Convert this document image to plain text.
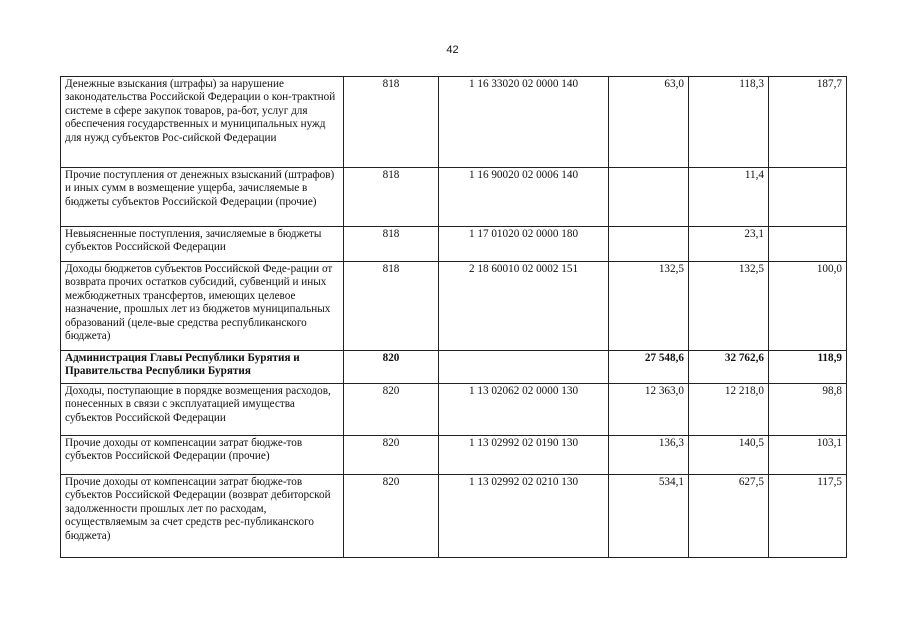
42
Денежные взыскания (штрафы) за нарушение законодательства Российской Федерации о кон-трактной системе в сфере закупок товаров, ра-бот, услуг для обеспечения государственных и муниципальных нужд для нужд субъектов Рос-сийской Федерации	818	1 16 33020 02 0000 140	63,0	118,3	187,7
Прочие поступления от денежных взысканий (штрафов) и иных сумм в возмещение ущерба, зачисляемые в бюджеты субъектов Российской Федерации (прочие)	818	1 16 90020 02 0006 140		11,4	
Невыясненные поступления, зачисляемые в бюджеты субъектов Российской Федерации	818	1 17 01020 02 0000 180		23,1	
Доходы бюджетов субъектов Российской Феде-рации от возврата прочих остатков субсидий, субвенций и иных межбюджетных трансфертов, имеющих целевое назначение, прошлых лет из бюджетов муниципальных образований (целе-вые средства республиканского бюджета)	818	2 18 60010 02 0002 151	132,5	132,5	100,0
Администрация Главы Республики Бурятия и Правительства Республики Бурятия	820		27 548,6	32 762,6	118,9
Доходы, поступающие в порядке возмещения расходов, понесенных в связи с эксплуатацией имущества субъектов Российской Федерации	820	1 13 02062 02 0000 130	12 363,0	12 218,0	98,8
Прочие доходы от компенсации затрат бюдже-тов субъектов Российской Федерации (прочие)	820	1 13 02992 02 0190 130	136,3	140,5	103,1
Прочие доходы от компенсации затрат бюдже-тов субъектов Российской Федерации (возврат дебиторской задолженности прошлых лет по расходам, осуществляемым за счет средств рес-публиканского бюджета)	820	1 13 02992 02 0210 130	534,1	627,5	117,5
